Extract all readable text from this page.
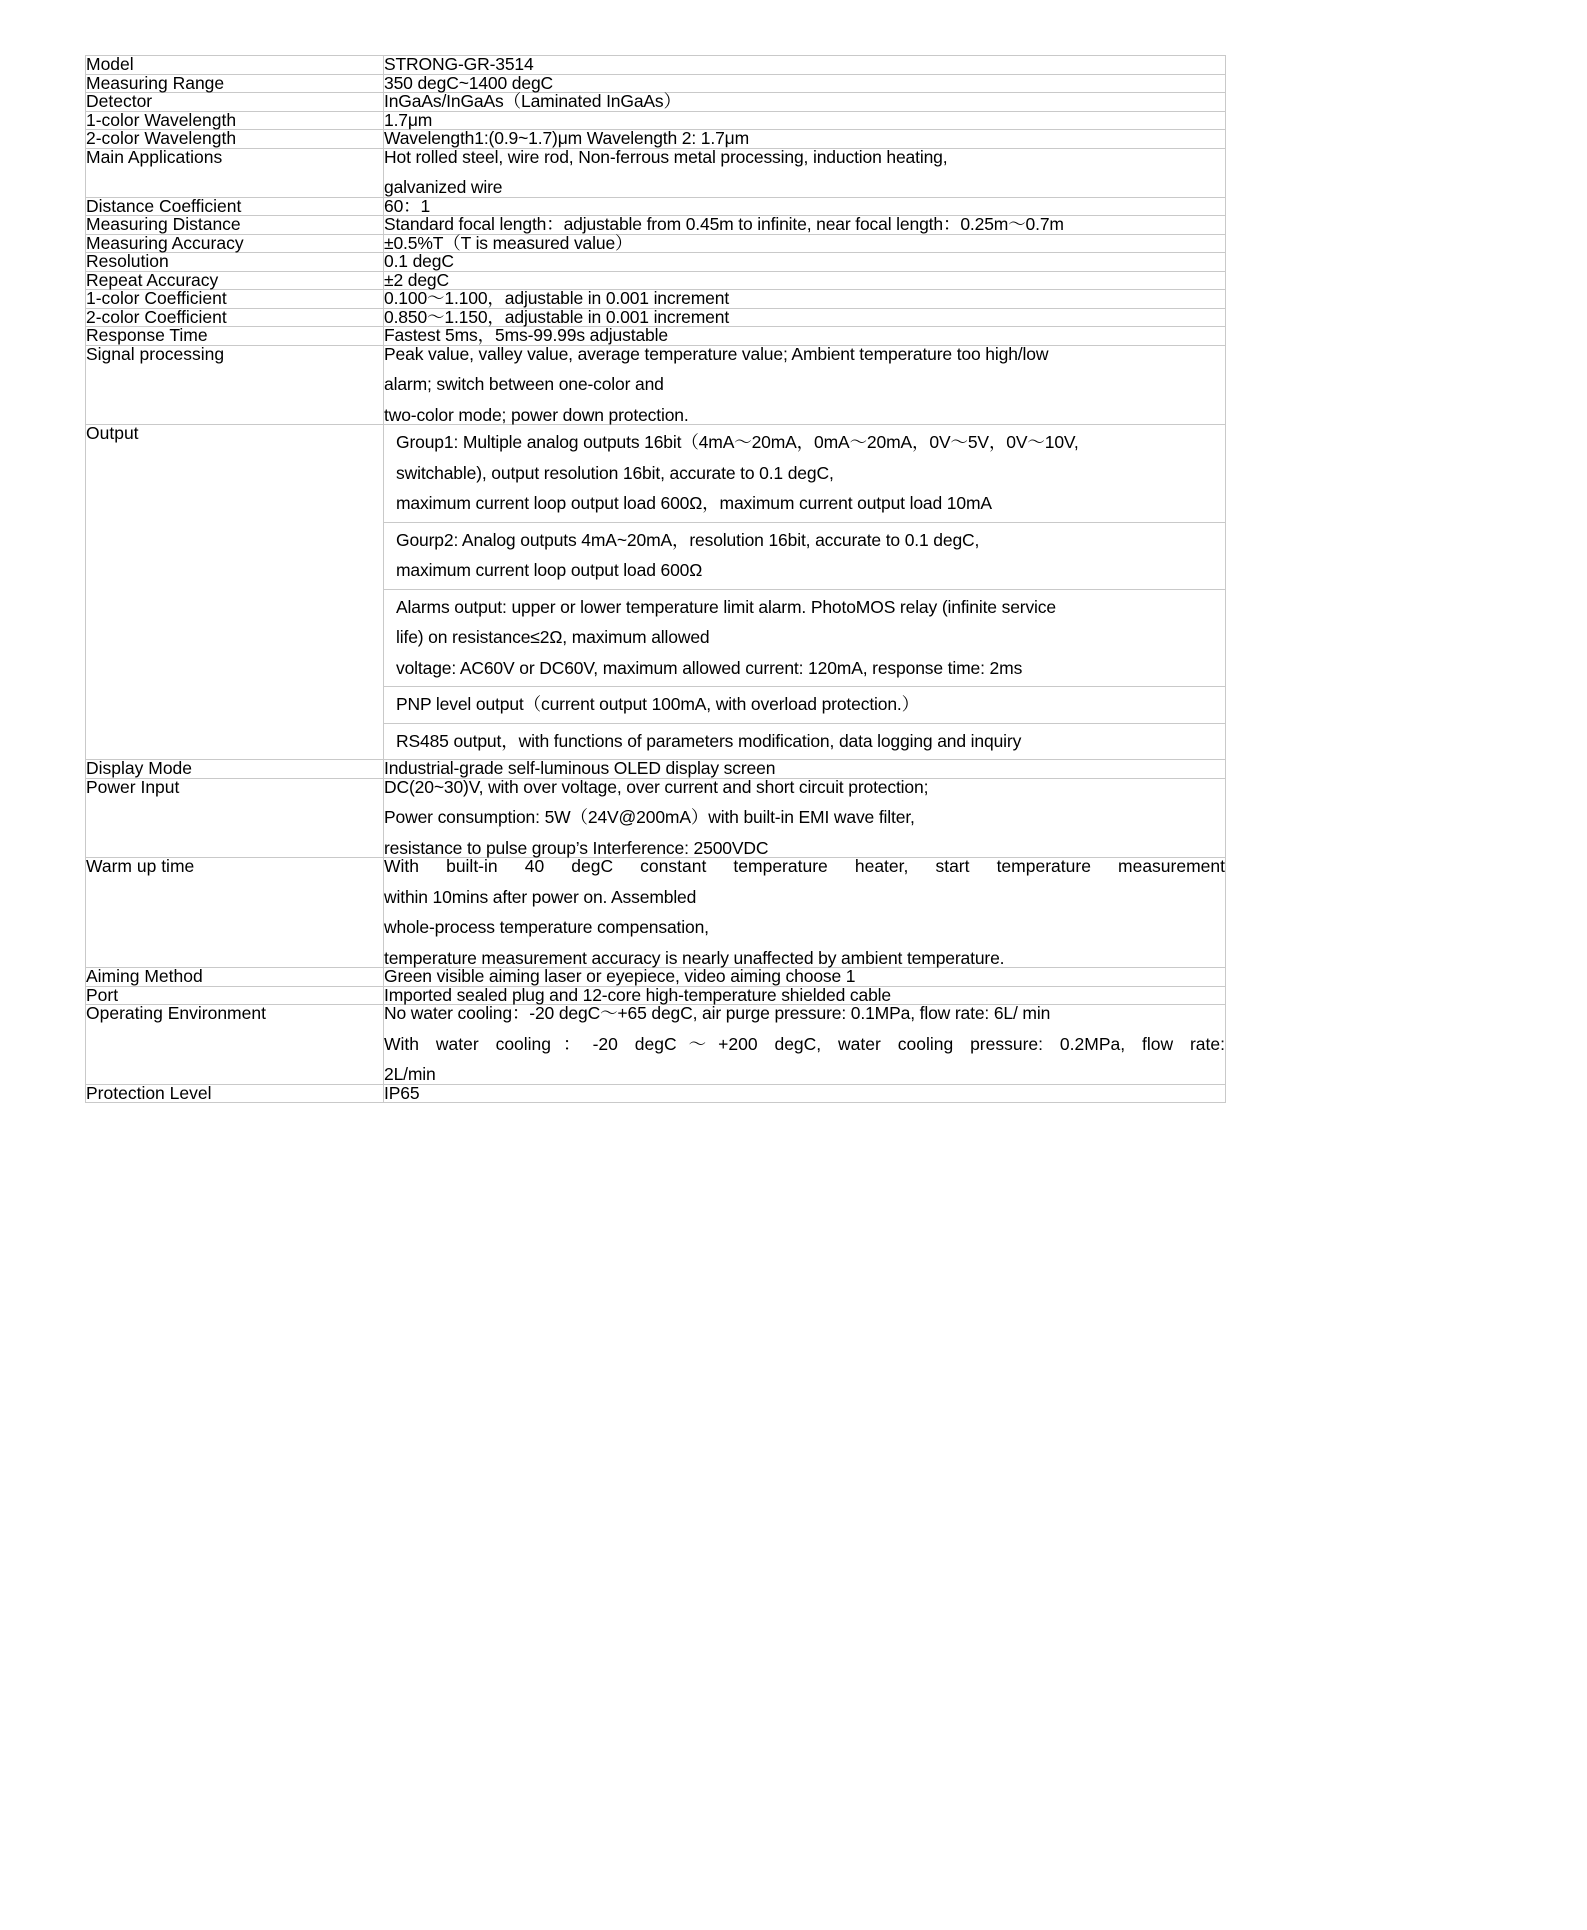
Model	STRONG-GR-3514

Measuring Range	350 degC~1400 degC

Detector	InGaAs/InGaAs（Laminated InGaAs）

1-color Wavelength	1.7μm

2-color Wavelength	Wavelength1:(0.9~1.7)μm Wavelength 2: 1.7μm

Main Applications	Hot rolled steel, wire rod, Non-ferrous metal processing, induction heating,
galvanized wire

Distance Coefficient	60：1

Measuring Distance	Standard focal length：adjustable from 0.45m to infinite, near focal length：0.25m～0.7m

Measuring Accuracy	±0.5%T（T is measured value）

Resolution	0.1 degC

Repeat Accuracy	±2 degC

1-color Coefficient	0.100～1.100，adjustable in 0.001 increment

2-color Coefficient	0.850～1.150，adjustable in 0.001 increment

Response Time	Fastest 5ms，5ms-99.99s adjustable

Signal processing	Peak value, valley value, average temperature value; Ambient temperature too high/low
alarm; switch between one-color and
two-color mode; power down protection.

Output		Group1: Multiple analog outputs 16bit（4mA～20mA，0mA～20mA，0V～5V，0V～10V,
switchable), output resolution 16bit, accurate to 0.1 degC,
maximum current loop output load 600Ω，maximum current output load 10mA

Gourp2: Analog outputs 4mA~20mA，resolution 16bit, accurate to 0.1 degC,
maximum current loop output load 600Ω

Alarms output: upper or lower temperature limit alarm. PhotoMOS relay (infinite service
life) on resistance≤2Ω, maximum allowed
voltage: AC60V or DC60V, maximum allowed current: 120mA, response time: 2ms

PNP level output（current output 100mA, with overload protection.）

RS485 output，with functions of parameters modification, data logging and inquiry

Display Mode	Industrial-grade self-luminous OLED display screen

Power Input	DC(20~30)V, with over voltage, over current and short circuit protection;
Power consumption: 5W（24V@200mA）with built-in EMI wave filter,
resistance to pulse group’s Interference: 2500VDC

Warm up time	With built-in 40 degC constant temperature heater, start temperature measurement
within 10mins after power on. Assembled
whole-process temperature compensation,
temperature measurement accuracy is nearly unaffected by ambient temperature.

Aiming Method	Green visible aiming laser or eyepiece, video aiming choose 1

Port	Imported sealed plug and 12-core high-temperature shielded cable

Operating Environment	No water cooling：-20 degC～+65 degC, air purge pressure: 0.1MPa, flow rate: 6L/ min
With water cooling：-20 degC～+200 degC, water cooling pressure: 0.2MPa, flow rate:
2L/min

Protection Level	IP65
